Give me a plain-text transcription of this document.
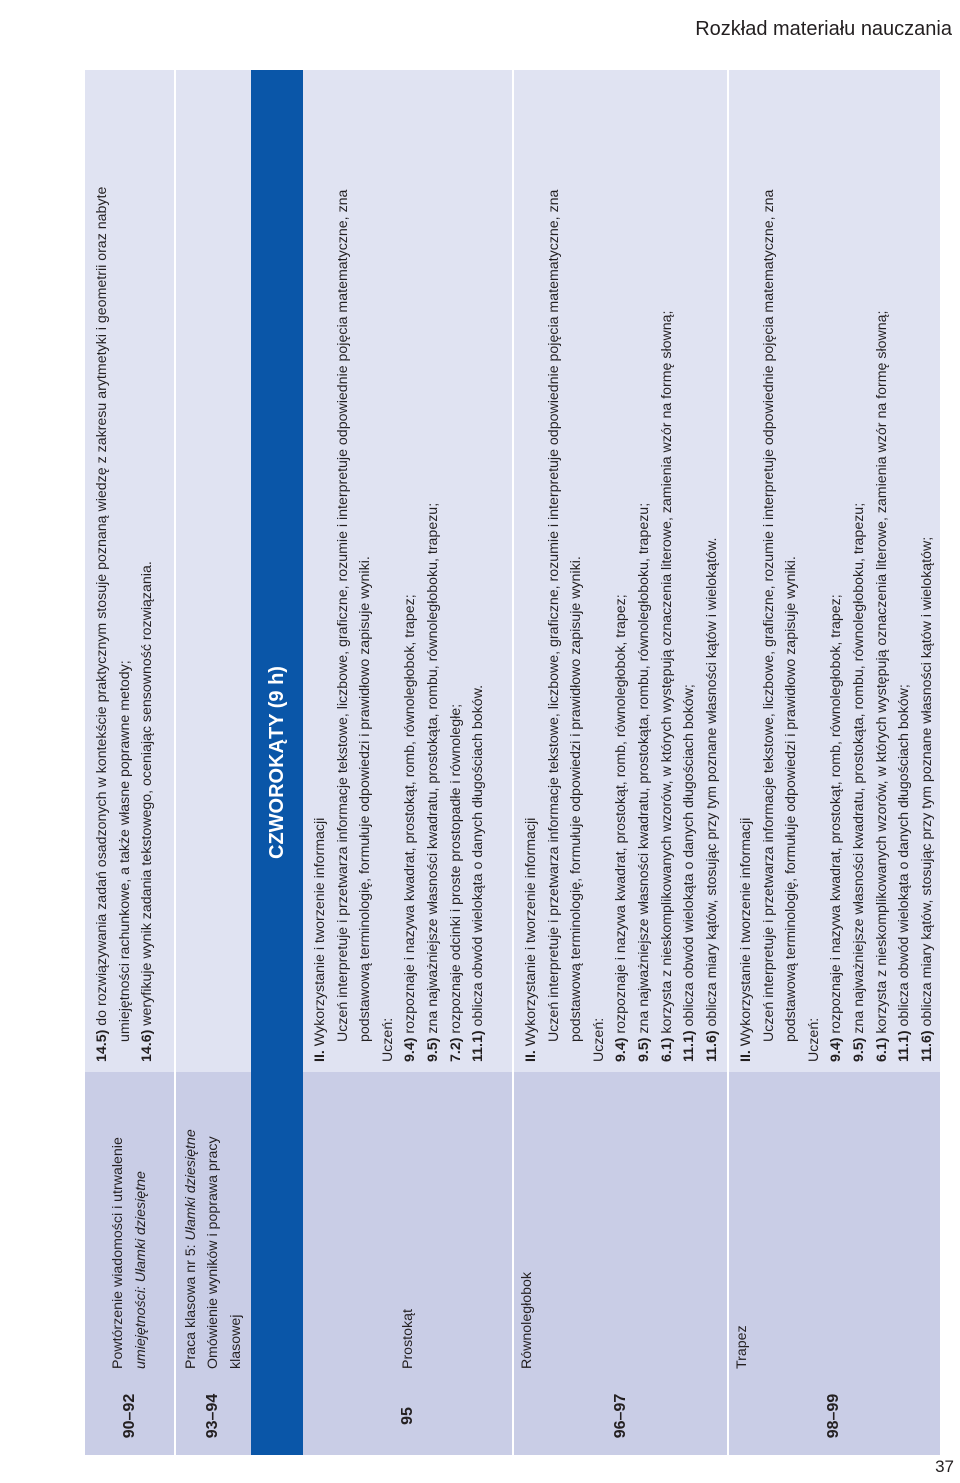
Rozkład materiału nauczania
90–92
Powtórzenie wiadomości i utrwalenie umiejętności: Ułamki dziesiętne
14.5) do rozwiązywania zadań osadzonych w kontekście praktycznym stosuje poznaną wiedzę z zakresu arytmetyki i geometrii oraz nabyte umiejętności rachunkowe, a także własne poprawne metody;
14.6) weryfikuje wynik zadania tekstowego, oceniając sensowność rozwiązania.
93–94
Praca klasowa nr 5: Ułamki dziesiętne Omówienie wyników i poprawa pracy klasowej
CZWOROKĄTY (9 h)
95
Prostokąt
II. Wykorzystanie i tworzenie informacji Uczeń interpretuje i przetwarza informacje tekstowe, liczbowe, graficzne, rozumie i interpretuje odpowiednie pojęcia matematyczne, zna podstawową terminologię, formułuje odpowiedzi i prawidłowo zapisuje wyniki. Uczeń: 9.4) rozpoznaje i nazywa kwadrat, prostokąt, romb, równoległobok, trapez;
9.5) zna najważniejsze własności kwadratu, prostokąta, rombu, równoległoboku, trapezu;
7.2) rozpoznaje odcinki i proste prostopadłe i równoległe;
11.1) oblicza obwód wielokąta o danych długościach boków.
96–97
Równoległobok
II. Wykorzystanie i tworzenie informacji Uczeń interpretuje i przetwarza informacje tekstowe, liczbowe, graficzne, rozumie i interpretuje odpowiednie pojęcia matematyczne, zna podstawową terminologię, formułuje odpowiedzi i prawidłowo zapisuje wyniki. Uczeń: 9.4) rozpoznaje i nazywa kwadrat, prostokąt, romb, równoległobok, trapez;
9.5) zna najważniejsze własności kwadratu, prostokąta, rombu, równoległoboku, trapezu;
6.1) korzysta z nieskomplikowanych wzorów, w których występują oznaczenia literowe, zamienia wzór na formę słowną;
11.1) oblicza obwód wielokąta o danych długościach boków;
11.6) oblicza miary kątów, stosując przy tym poznane własności kątów i wielokątów.
98–99
Trapez
II. Wykorzystanie i tworzenie informacji Uczeń interpretuje i przetwarza informacje tekstowe, liczbowe, graficzne, rozumie i interpretuje odpowiednie pojęcia matematyczne, zna podstawową terminologię, formułuje odpowiedzi i prawidłowo zapisuje wyniki. Uczeń: 9.4) rozpoznaje i nazywa kwadrat, prostokąt, romb, równoległobok, trapez;
9.5) zna najważniejsze własności kwadratu, prostokąta, rombu, równoległoboku, trapezu;
6.1) korzysta z nieskomplikowanych wzorów, w których występują oznaczenia literowe, zamienia wzór na formę słowną;
11.1) oblicza obwód wielokąta o danych długościach boków;
11.6) oblicza miary kątów, stosując przy tym poznane własności kątów i wielokątów;
37
